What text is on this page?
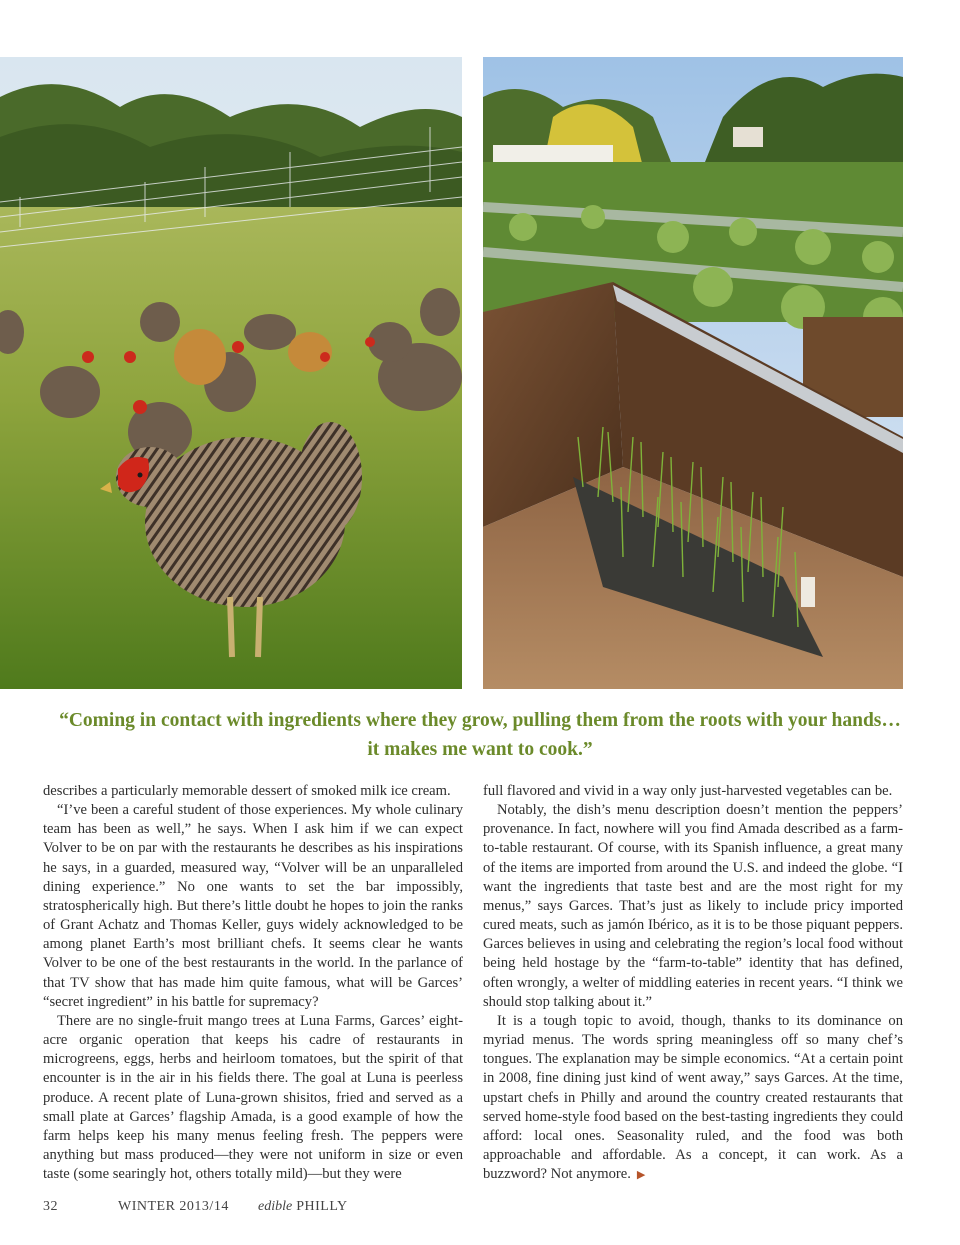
“Coming in contact with ingredients where they grow, pulling them from the roots with your hands…
it makes me want to cook.”

describes a particularly memorable dessert of smoked milk ice cream.

“I’ve been a careful student of those experiences. My whole culinary team has been as well,” he says. When I ask him if we can expect Volver to be on par with the restaurants he describes as his inspirations he says, in a guarded, measured way, “Volver will be an unparalleled dining experience.” No one wants to set the bar impossibly, stratospherically high. But there’s little doubt he hopes to join the ranks of Grant Achatz and Thomas Keller, guys widely acknowledged to be among planet Earth’s most brilliant chefs. It seems clear he wants Volver to be one of the best restaurants in the world. In the parlance of that TV show that has made him quite famous, what will be Garces’ “secret ingredient” in his battle for supremacy?

There are no single-fruit mango trees at Luna Farms, Garces’ eight-acre organic operation that keeps his cadre of restaurants in microgreens, eggs, herbs and heirloom tomatoes, but the spirit of that encounter is in the air in his fields there. The goal at Luna is peerless produce. A recent plate of Luna-grown shisitos, fried and served as a small plate at Garces’ flagship Amada, is a good example of how the farm helps keep his many menus feeling fresh. The peppers were anything but mass produced—they were not uniform in size or even taste (some searingly hot, others totally mild)—but they were

full flavored and vivid in a way only just-harvested vegetables can be.

Notably, the dish’s menu description doesn’t mention the peppers’ provenance. In fact, nowhere will you find Amada described as a farm-to-table restaurant. Of course, with its Spanish influence, a great many of the items are imported from around the U.S. and indeed the globe. “I want the ingredients that taste best and are the most right for my menus,” says Garces. That’s just as likely to include pricy imported cured meats, such as jamón Ibérico, as it is to be those piquant peppers. Garces believes in using and celebrating the region’s local food without being held hostage by the “farm-to-table” identity that has defined, often wrongly, a welter of middling eateries in recent years. “I think we should stop talking about it.”

It is a tough topic to avoid, though, thanks to its dominance on myriad menus. The words spring meaningless off so many chef’s tongues. The explanation may be simple economics. “At a certain point in 2008, fine dining just kind of went away,” says Garces. At the time, upstart chefs in Philly and around the country created restaurants that served home-style food based on the best-tasting ingredients they could afford: local ones. Seasonality ruled, and the food was both approachable and affordable. As a concept, it can work. As a buzzword? Not anymore. ▶

32	WINTER 2013/14 edible PHILLY
